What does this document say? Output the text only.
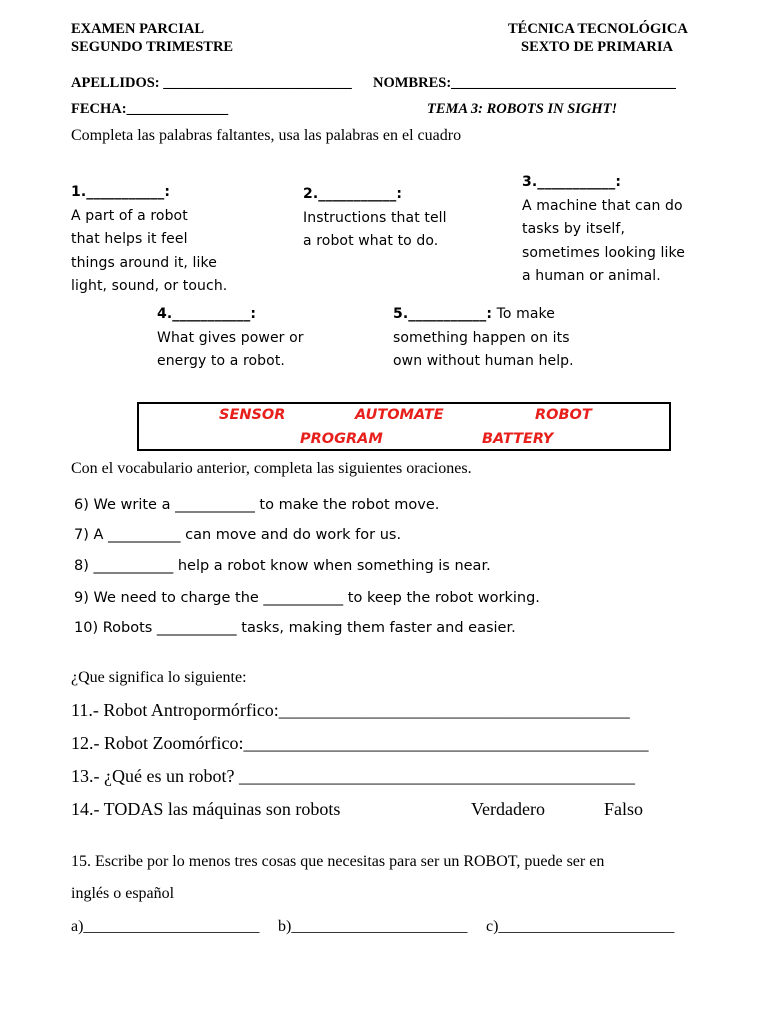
EXAMEN PARCIAL
SEGUNDO TRIMESTRE
TÉCNICA TECNOLÓGICA
SEXTO DE PRIMARIA
APELLIDOS: __________________________ NOMBRES:_______________________________
FECHA:______________	TEMA 3: ROBOTS IN SIGHT!
Completa las palabras faltantes, usa las palabras en el cuadro
1.___________:
A part of a robot
that helps it feel
things around it, like
light, sound, or touch.
2.___________:
Instructions that tell
a robot what to do.
3.___________:
A machine that can do
tasks by itself,
sometimes looking like
a human or animal.
4.___________:
What gives power or
energy to a robot.
5.___________: To make
something happen on its
own without human help.
SENSOR	AUTOMATE	ROBOT
PROGRAM	BATTERY
Con el vocabulario anterior, completa las siguientes oraciones.
6) We write a ___________ to make the robot move.
7) A __________ can move and do work for us.
8) ___________ help a robot know when something is near.
9) We need to charge the ___________ to keep the robot working.
10) Robots ___________ tasks, making them faster and easier.
¿Que significa lo siguiente:
11.- Robot Antropormórfico:_______________________________________
12.- Robot Zoomórfico:_____________________________________________
13.- ¿Qué es un robot? ____________________________________________
14.- TODAS las máquinas son robots	Verdadero	Falso
15. Escribe por lo menos tres cosas que necesitas para ser un ROBOT, puede ser en
inglés o español
a)______________________ b)______________________ c)______________________
